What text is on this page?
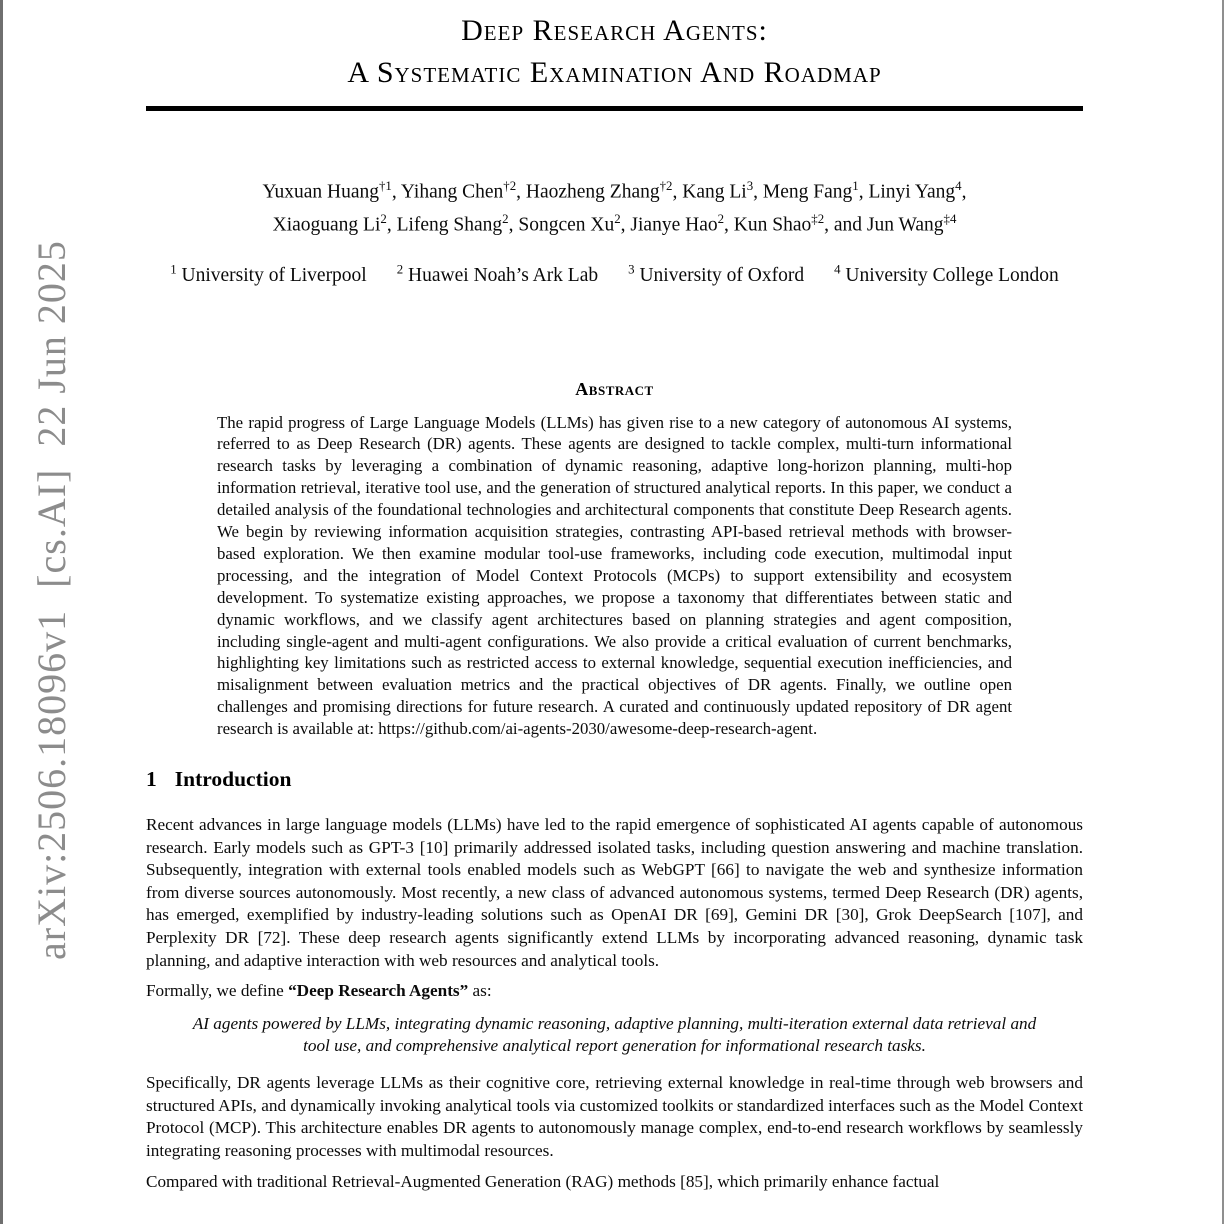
arXiv:2506.18096v1  [cs.AI]  22 Jun 2025
Deep Research Agents:
A Systematic Examination And Roadmap
Yuxuan Huang$^{\dagger 1}$, Yihang Chen$^{\dagger 2}$, Haozheng Zhang$^{\dagger 2}$, Kang Li$^3$, Meng Fang$^1$, Linyi Yang$^4$,
Xiaoguang Li$^2$, Lifeng Shang$^2$, Songcen Xu$^2$, Jianye Hao$^2$, Kun Shao$^{\ddagger 2}$, and Jun Wang$^{\ddagger 4}$
$^1$ University of Liverpool $^2$ Huawei Noah’s Ark Lab $^3$ University of Oxford $^4$ University College London
Abstract

The rapid progress of Large Language Models (LLMs) has given rise to a new category of autonomous AI systems, referred to as Deep Research (DR) agents. These agents are designed to tackle complex, multi-turn informational research tasks by leveraging a combination of dynamic reasoning, adaptive long-horizon planning, multi-hop information retrieval, iterative tool use, and the generation of structured analytical reports. In this paper, we conduct a detailed analysis of the foundational technologies and architectural components that constitute Deep Research agents. We begin by reviewing information acquisition strategies, contrasting API-based retrieval methods with browser-based exploration. We then examine modular tool-use frameworks, including code execution, multimodal input processing, and the integration of Model Context Protocols (MCPs) to support extensibility and ecosystem development. To systematize existing approaches, we propose a taxonomy that differentiates between static and dynamic workflows, and we classify agent architectures based on planning strategies and agent composition, including single-agent and multi-agent configurations. We also provide a critical evaluation of current benchmarks, highlighting key limitations such as restricted access to external knowledge, sequential execution inefficiencies, and misalignment between evaluation metrics and the practical objectives of DR agents. Finally, we outline open challenges and promising directions for future research. A curated and continuously updated repository of DR agent research is available at: https://github.com/ai-agents-2030/awesome-deep-research-agent.

1 Introduction

Recent advances in large language models (LLMs) have led to the rapid emergence of sophisticated AI agents capable of autonomous research. Early models such as GPT-3 [10] primarily addressed isolated tasks, including question answering and machine translation. Subsequently, integration with external tools enabled models such as WebGPT [66] to navigate the web and synthesize information from diverse sources autonomously. Most recently, a new class of advanced autonomous systems, termed Deep Research (DR) agents, has emerged, exemplified by industry-leading solutions such as OpenAI DR [69], Gemini DR [30], Grok DeepSearch [107], and Perplexity DR [72]. These deep research agents significantly extend LLMs by incorporating advanced reasoning, dynamic task planning, and adaptive interaction with web resources and analytical tools.

Formally, we define “Deep Research Agents” as:

AI agents powered by LLMs, integrating dynamic reasoning, adaptive planning, multi-iteration external data retrieval and tool use, and comprehensive analytical report generation for informational research tasks.

Specifically, DR agents leverage LLMs as their cognitive core, retrieving external knowledge in real-time through web browsers and structured APIs, and dynamically invoking analytical tools via customized toolkits or standardized interfaces such as the Model Context Protocol (MCP). This architecture enables DR agents to autonomously manage complex, end-to-end research workflows by seamlessly integrating reasoning processes with multimodal resources.

Compared with traditional Retrieval-Augmented Generation (RAG) methods [85], which primarily enhance factual
